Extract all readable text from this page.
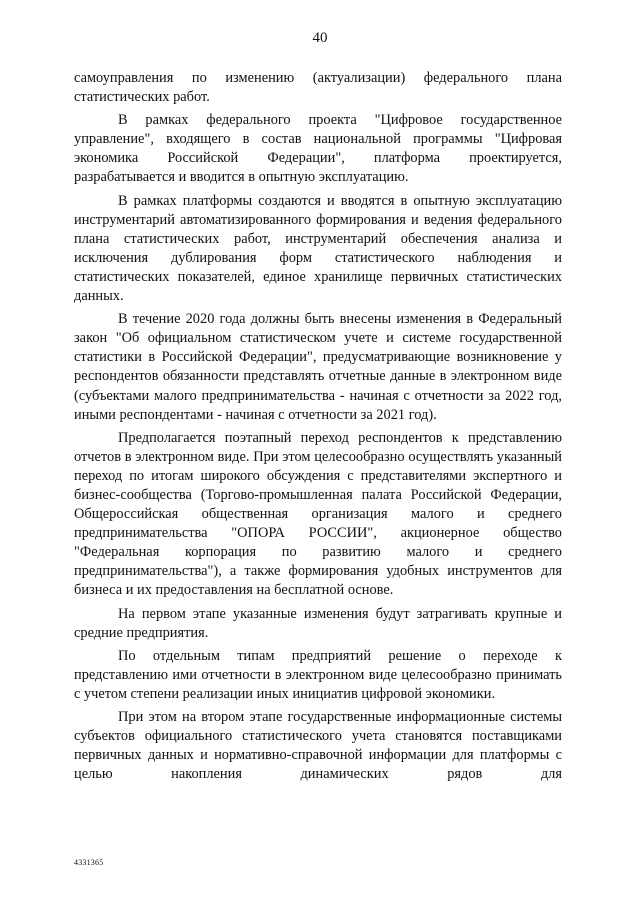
40

самоуправления по изменению (актуализации) федерального плана статистических работ.

В рамках федерального проекта "Цифровое государственное управление", входящего в состав национальной программы "Цифровая экономика Российской Федерации", платформа проектируется, разрабатывается и вводится в опытную эксплуатацию.

В рамках платформы создаются и вводятся в опытную эксплуатацию инструментарий автоматизированного формирования и ведения федерального плана статистических работ, инструментарий обеспечения анализа и исключения дублирования форм статистического наблюдения и статистических показателей, единое хранилище первичных статистических данных.

В течение 2020 года должны быть внесены изменения в Федеральный закон "Об официальном статистическом учете и системе государственной статистики в Российской Федерации", предусматривающие возникновение у респондентов обязанности представлять отчетные данные в электронном виде (субъектами малого предпринимательства - начиная с отчетности за 2022 год, иными респондентами - начиная с отчетности за 2021 год).

Предполагается поэтапный переход респондентов к представлению отчетов в электронном виде. При этом целесообразно осуществлять указанный переход по итогам широкого обсуждения с представителями экспертного и бизнес-сообщества (Торгово-промышленная палата Российской Федерации, Общероссийская общественная организация малого и среднего предпринимательства "ОПОРА РОССИИ", акционерное общество "Федеральная корпорация по развитию малого и среднего предпринимательства"), а также формирования удобных инструментов для бизнеса и их предоставления на бесплатной основе.

На первом этапе указанные изменения будут затрагивать крупные и средние предприятия.

По отдельным типам предприятий решение о переходе к представлению ими отчетности в электронном виде целесообразно принимать с учетом степени реализации иных инициатив цифровой экономики.

При этом на втором этапе государственные информационные системы субъектов официального статистического учета становятся поставщиками первичных данных и нормативно-справочной информации для платформы с целью накопления динамических рядов для

4331365
